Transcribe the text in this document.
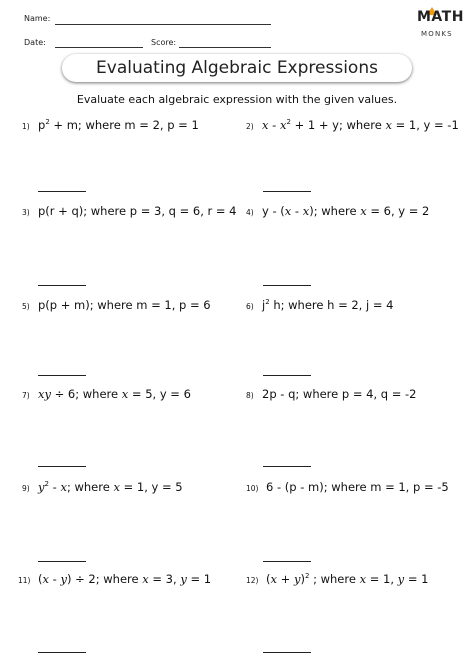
Name:
Date:	Score:
MATH
MONKS
Evaluating Algebraic Expressions
Evaluate each algebraic expression with the given values.
1) $p^2 + m$; where m = 2, p = 1	2) $x - x^2 + 1 + y$; where x = 1, y = -1
3) p(r + q); where p = 3, q = 6, r = 4 4) y - (x - x); where x = 6, y = 2
5) p(p + m); where m = 1, p = 6	6) $j^2$ h; where h = 2, j = 4
7) xy ÷ 6; where x = 5, y = 6	8) 2p - q; where p = 4, q = -2
9) $y^2$ - x; where x = 1, y = 5	10) 6 - (p - m); where m = 1, p = -5
11) (x - y) ÷ 2; where x = 3, y = 1	12) $(x + y)^2$ ; where x = 1, y = 1
